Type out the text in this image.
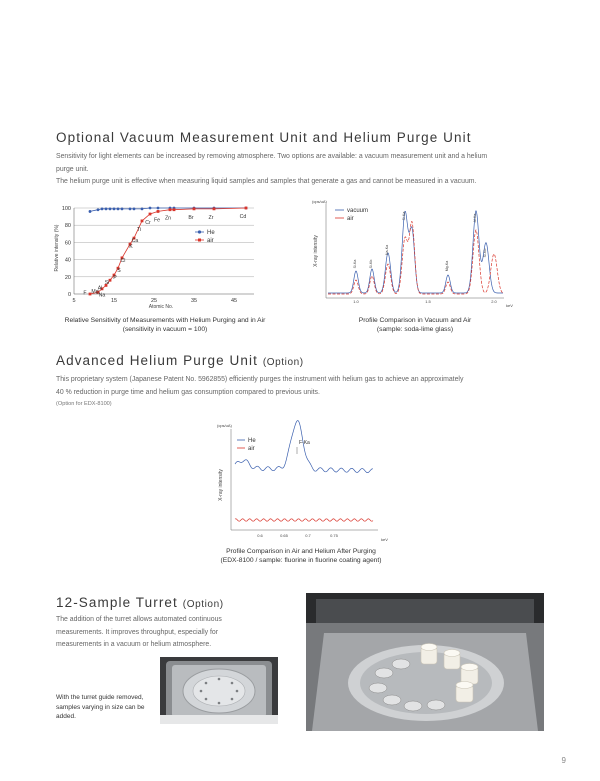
Optional Vacuum Measurement Unit and Helium Purge Unit
Sensitivity for light elements can be increased by removing atmosphere. Two options are available: a vacuum measurement unit and a helium
purge unit.
The helium purge unit is effective when measuring liquid samples and samples that generate a gas and cannot be measured in a vacuum.
100
80
60
40
20
0
5	15	25	35	45
F Na
Mg
Al
Si
P
S
Cl
K
Ca
Ti
Cr Fe Zn	Br	Zr	Cd
Relative intensity (%)
Atomic No.
He
air
Relative Sensitivity of Measurements with Helium Purging and in Air
(sensitivity in vacuum = 100)
(cps/uA)
X-ray intensity
1.0	1.5	2.0
keV
Si-Ka	Si-Kb
Na-Ka
Si-Ka
Mg-Ka
Al-Ka
Si-Kb
vacuum
air
Profile Comparison in Vacuum and Air
(sample: soda-lime glass)
Advanced Helium Purge Unit (Option)
This proprietary system (Japanese Patent No. 5962855) efficiently purges the instrument with helium gas to achieve an approximately
40 % reduction in purge time and helium gas consumption compared to previous units.
(Option for EDX-8100)
(cps/uA)
X-ray intensity
0.6	0.65	0.7	0.75
keV
F-Ka
He
air
Profile Comparison in Air and Helium After Purging
(EDX-8100 / sample: fluorine in fluorine coating agent)
12-Sample Turret (Option)
The addition of the turret allows automated continuous
measurements. It improves throughput, especially for
measurements in a vacuum or helium atmosphere.
With the turret guide removed,
samples varying in size can be
added.
9
